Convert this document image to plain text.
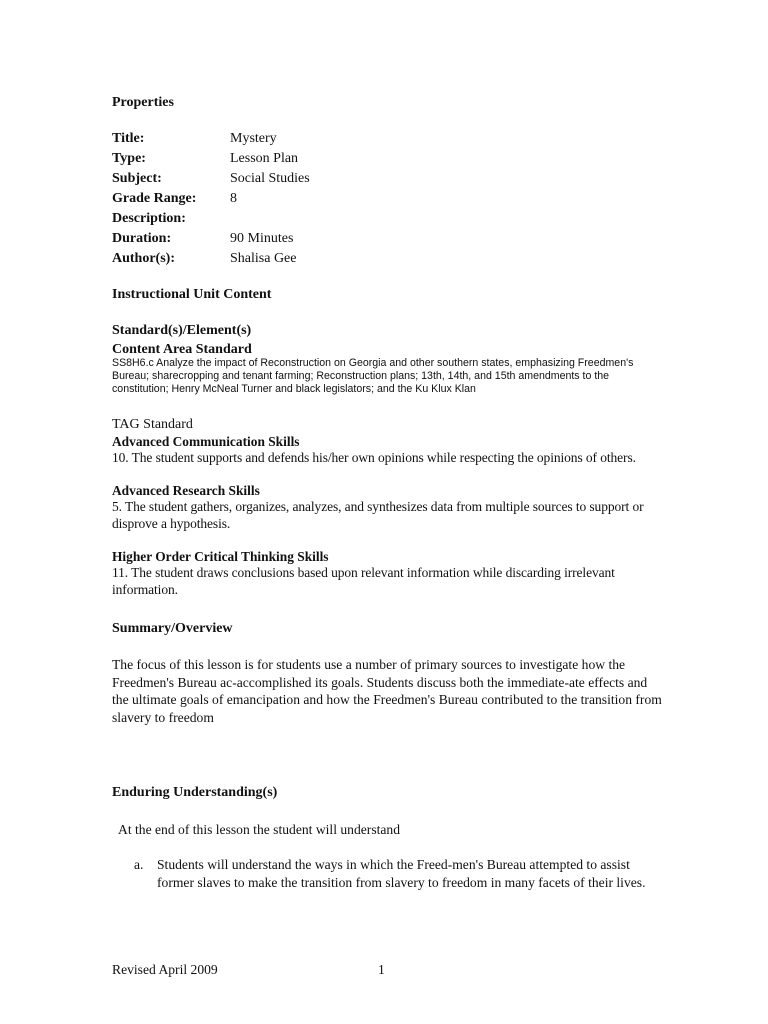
Properties
Title:	Mystery
Type:	Lesson Plan
Subject:	Social Studies
Grade Range:	8
Description:
Duration:	90 Minutes
Author(s):	Shalisa Gee
Instructional Unit Content
Standard(s)/Element(s)
Content Area Standard
SS8H6.c Analyze the impact of Reconstruction on Georgia and other southern states, emphasizing Freedmen's
Bureau; sharecropping and tenant farming; Reconstruction plans; 13th, 14th, and 15th amendments to the
constitution; Henry McNeal Turner and black legislators; and the Ku Klux Klan
TAG Standard
Advanced Communication Skills
10. The student supports and defends his/her own opinions while respecting the opinions of others.
Advanced Research Skills
5. The student gathers, organizes, analyzes, and synthesizes data from multiple sources to support or
disprove a hypothesis.
Higher Order Critical Thinking Skills
11. The student draws conclusions based upon relevant information while discarding irrelevant
information.
Summary/Overview
The focus of this lesson is for students use a number of primary sources to investigate how the
Freedmen's Bureau ac-accomplished its goals. Students discuss both the immediate-ate effects and
the ultimate goals of emancipation and how the Freedmen's Bureau contributed to the transition from
slavery to freedom
Enduring Understanding(s)
At the end of this lesson the student will understand
a. Students will understand the ways in which the Freed-men's Bureau attempted to assist
former slaves to make the transition from slavery to freedom in many facets of their lives.
Revised April 2009	1
